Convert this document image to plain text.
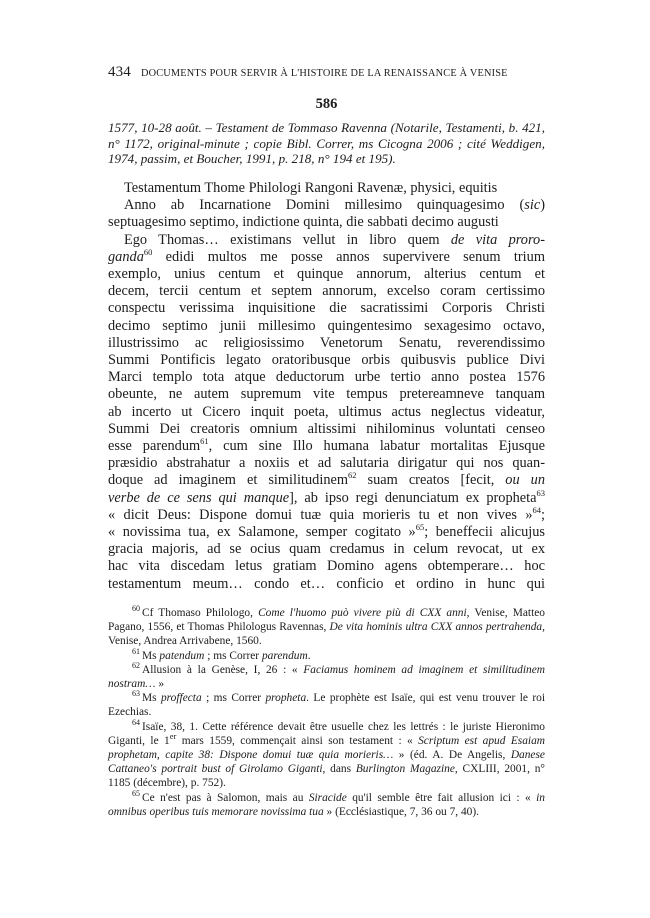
434 DOCUMENTS POUR SERVIR À L'HISTOIRE DE LA RENAISSANCE À VENISE
586
1577, 10-28 août. – Testament de Tommaso Ravenna (Notarile, Testamenti, b. 421, n° 1172, original-minute ; copie Bibl. Correr, ms Cicogna 2006 ; cité Weddigen, 1974, passim, et Boucher, 1991, p. 218, n° 194 et 195).
Testamentum Thome Philologi Rangoni Ravenæ, physici, equitis
Anno ab Incarnatione Domini millesimo quinquagesimo (sic)
septuagesimo septimo, indictione quinta, die sabbati decimo augusti
Ego Thomas… existimans vellut in libro quem de vita proro-
ganda$^{60}$ edidi multos me posse annos supervivere senum trium
exemplo, unius centum et quinque annorum, alterius centum et
decem, tercii centum et septem annorum, excelso coram certissimo
conspectu verissima inquisitione die sacratissimi Corporis Christi
decimo septimo junii millesimo quingentesimo sexagesimo octavo,
illustrissimo ac religiosissimo Venetorum Senatu, reverendissimo
Summi Pontificis legato oratoribusque orbis quibusvis publice Divi
Marci templo tota atque deductorum urbe tertio anno postea 1576
obeunte, ne autem supremum vite tempus pretereamneve tanquam
ab incerto ut Cicero inquit poeta, ultimus actus neglectus videatur,
Summi Dei creatoris omnium altissimi nihilominus voluntati censeo
esse parendum$^{61}$, cum sine Illo humana labatur mortalitas Ejusque
præsidio abstrahatur a noxiis et ad salutaria dirigatur qui nos quan-
doque ad imaginem et similitudinem$^{62}$ suam creatos [fecit, ou un
verbe de ce sens qui manque], ab ipso regi denunciatum ex propheta$^{63}$
« dicit Deus: Dispone domui tuæ quia morieris tu et non vives »$^{64}$;
« novissima tua, ex Salamone, semper cogitato »$^{65}$; beneffecii alicujus
gracia majoris, ad se ocius quam credamus in celum revocat, ut ex
hac vita discedam letus gratiam Domino agens obtemperare… hoc
testamentum meum… condo et… conficio et ordino in hunc qui
$^{60}$ Cf Thomaso Philologo, Come l'huomo può vivere più di CXX anni, Venise, Matteo Pagano, 1556, et Thomas Philologus Ravennas, De vita hominis ultra CXX annos pertrahenda, Venise, Andrea Arrivabene, 1560.
$^{61}$ Ms patendum ; ms Correr parendum.
$^{62}$ Allusion à la Genèse, I, 26 : « Faciamus hominem ad imaginem et similitudinem nostram… »
$^{63}$ Ms proffecta ; ms Correr propheta. Le prophète est Isaïe, qui est venu trouver le roi Ezechias.
$^{64}$ Isaïe, 38, 1. Cette référence devait être usuelle chez les lettrés : le juriste Hieronimo Giganti, le 1er mars 1559, commençait ainsi son testament : « Scriptum est apud Esaiam prophetam, capite 38: Dispone domui tuæ quia morieris… » (éd. A. De Angelis, Danese Cattaneo's portrait bust of Girolamo Giganti, dans Burlington Magazine, CXLIII, 2001, n° 1185 (décembre), p. 752).
$^{65}$ Ce n'est pas à Salomon, mais au Siracide qu'il semble être fait allusion ici : « in omnibus operibus tuis memorare novissima tua » (Ecclésiastique, 7, 36 ou 7, 40).
